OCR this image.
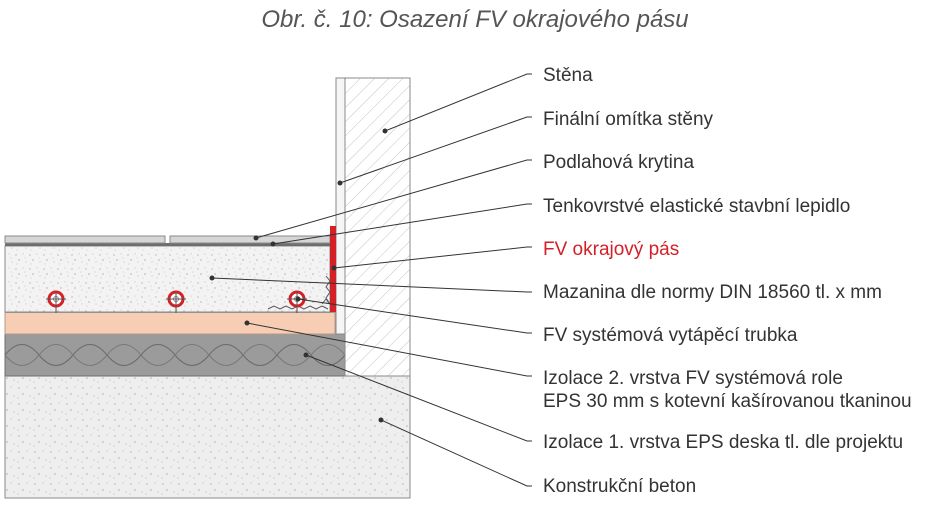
Obr. č. 10: Osazení FV okrajového pásu
Stěna
Finální omítka stěny
Podlahová krytina
Tenkovrstvé elastické stavbní lepidlo
FV okrajový pás
Mazanina dle normy DIN 18560 tl. x mm
FV systémová vytápěcí trubka
Izolace 2. vrstva FV systémová role
EPS 30 mm s kotevní kašírovanou tkaninou
Izolace 1. vrstva EPS deska tl. dle projektu
Konstrukční beton
